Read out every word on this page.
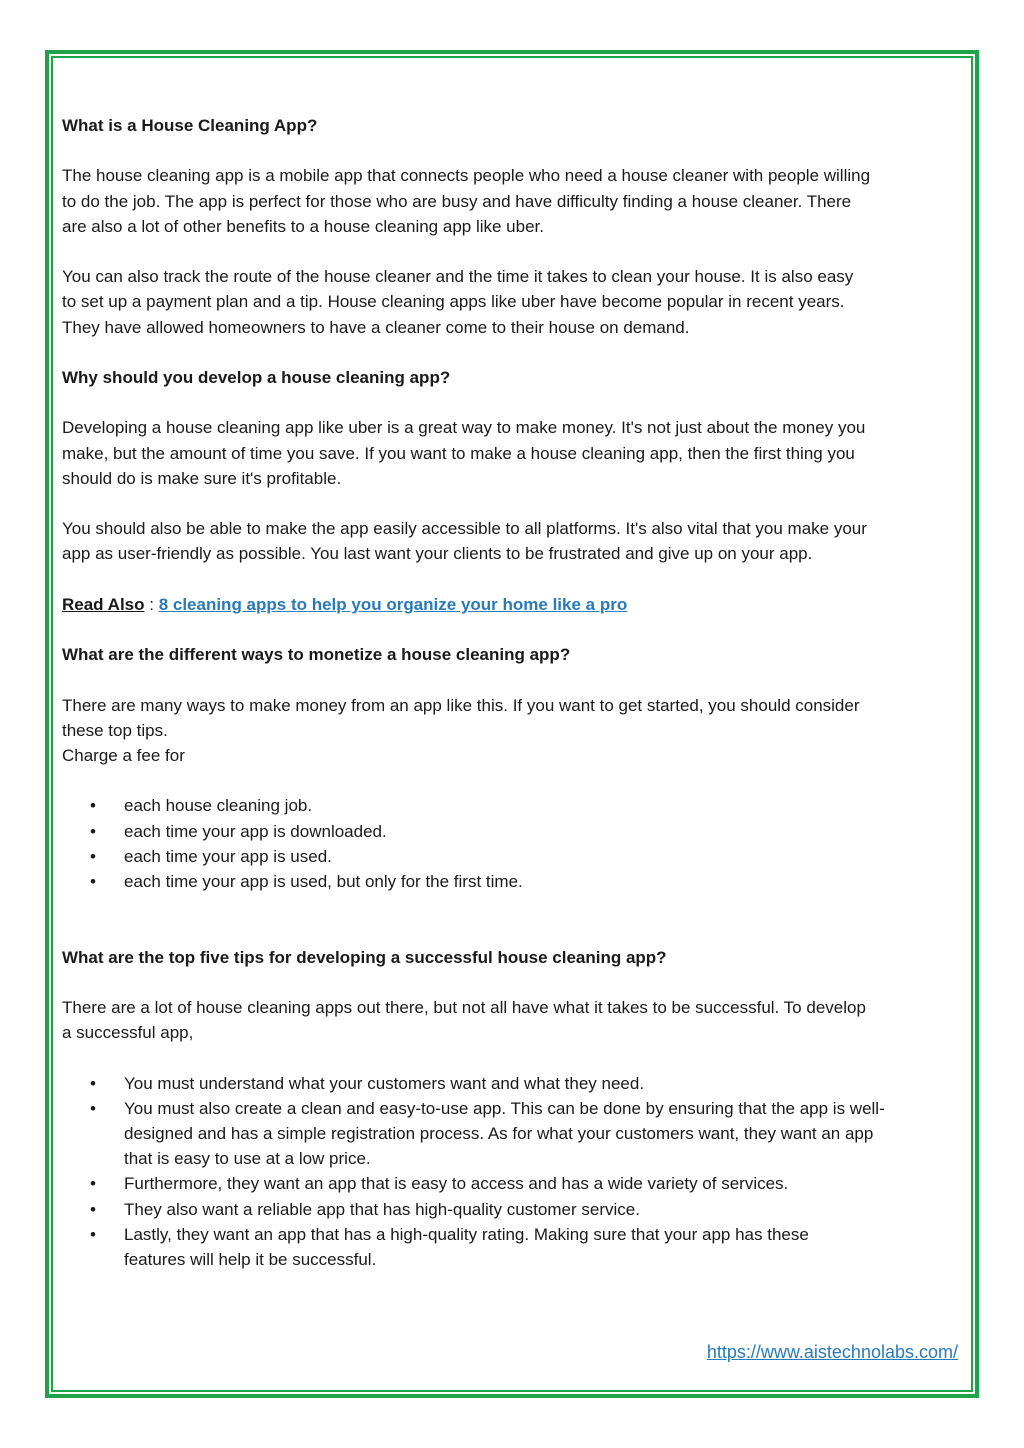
What is a House Cleaning App?

The house cleaning app is a mobile app that connects people who need a house cleaner with people willing

to do the job. The app is perfect for those who are busy and have difficulty finding a house cleaner. There

are also a lot of other benefits to a house cleaning app like uber.

You can also track the route of the house cleaner and the time it takes to clean your house. It is also easy

to set up a payment plan and a tip. House cleaning apps like uber have become popular in recent years.

They have allowed homeowners to have a cleaner come to their house on demand.

Why should you develop a house cleaning app?

Developing a house cleaning app like uber is a great way to make money. It's not just about the money you

make, but the amount of time you save. If you want to make a house cleaning app, then the first thing you

should do is make sure it's profitable.

You should also be able to make the app easily accessible to all platforms. It's also vital that you make your

app as user-friendly as possible. You last want your clients to be frustrated and give up on your app.

Read Also : 8 cleaning apps to help you organize your home like a pro

What are the different ways to monetize a house cleaning app?

There are many ways to make money from an app like this. If you want to get started, you should consider

these top tips.

Charge a fee for

• each house cleaning job.
• each time your app is downloaded.
• each time your app is used.
• each time your app is used, but only for the first time.

What are the top five tips for developing a successful house cleaning app?

There are a lot of house cleaning apps out there, but not all have what it takes to be successful. To develop

a successful app,

• You must understand what your customers want and what they need.
• You must also create a clean and easy-to-use app. This can be done by ensuring that the app is well-
designed and has a simple registration process. As for what your customers want, they want an app
that is easy to use at a low price.
• Furthermore, they want an app that is easy to access and has a wide variety of services.
• They also want a reliable app that has high-quality customer service.
• Lastly, they want an app that has a high-quality rating. Making sure that your app has these
features will help it be successful.
https://www.aistechnolabs.com/
